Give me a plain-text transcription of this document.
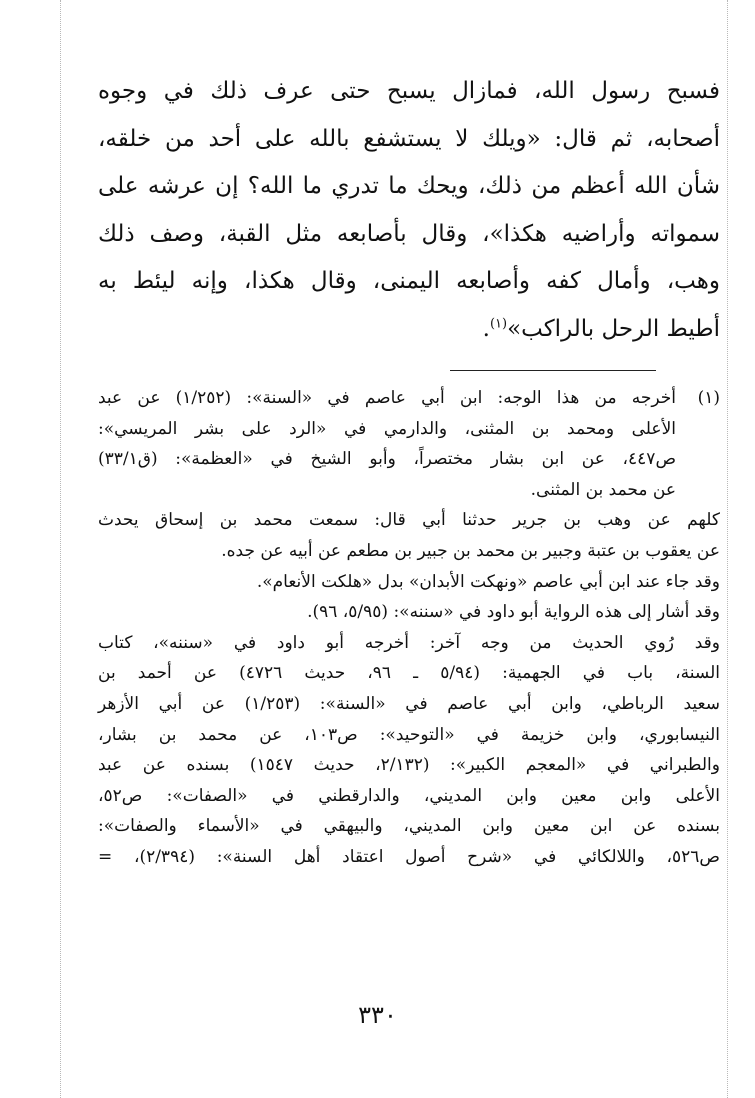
فسبح رسول الله، فمازال يسبح حتى عرف ذلك في وجوه
أصحابه، ثم قال: «ويلك لا يستشفع بالله على أحد من خلقه،
شأن الله أعظم من ذلك، ويحك ما تدري ما الله؟ إن عرشه على
سمواته وأراضيه هكذا»، وقال بأصابعه مثل القبة، وصف ذلك
وهب، وأمال كفه وأصابعه اليمنى، وقال هكذا، وإنه ليئط به
أطيط الرحل بالراكب»$^{(١)}$.
(١)
أخرجه من هذا الوجه: ابن أبي عاصم في «السنة»: (١/٢٥٢) عن عبد
الأعلى ومحمد بن المثنى، والدارمي في «الرد على بشر المريسي»:
ص٤٤٧، عن ابن بشار مختصراً، وأبو الشيخ في «العظمة»: (ق٣٣/١)
عن محمد بن المثنى.
كلهم عن وهب بن جرير حدثنا أبي قال: سمعت محمد بن إسحاق يحدث
عن يعقوب بن عتبة وجبير بن محمد بن جبير بن مطعم عن أبيه عن جده.
وقد جاء عند ابن أبي عاصم «ونهكت الأبدان» بدل «هلكت الأنعام».
وقد أشار إلى هذه الرواية أبو داود في «سننه»: (٥/٩٥، ٩٦).
وقد رُوي الحديث من وجه آخر: أخرجه أبو داود في «سننه»، كتاب
السنة، باب في الجهمية: (٥/٩٤ ـ ٩٦، حديث ٤٧٢٦) عن أحمد بن
سعيد الرباطي، وابن أبي عاصم في «السنة»: (١/٢٥٣) عن أبي الأزهر
النيسابوري، وابن خزيمة في «التوحيد»: ص١٠٣، عن محمد بن بشار،
والطبراني في «المعجم الكبير»: (٢/١٣٢، حديث ١٥٤٧) بسنده عن عبد
الأعلى وابن معين وابن المديني، والدارقطني في «الصفات»: ص٥٢،
بسنده عن ابن معين وابن المديني، والبيهقي في «الأسماء والصفات»:
ص٥٢٦، واللالكائي في «شرح أصول اعتقاد أهل السنة»: (٢/٣٩٤)، =
٣٣٠
